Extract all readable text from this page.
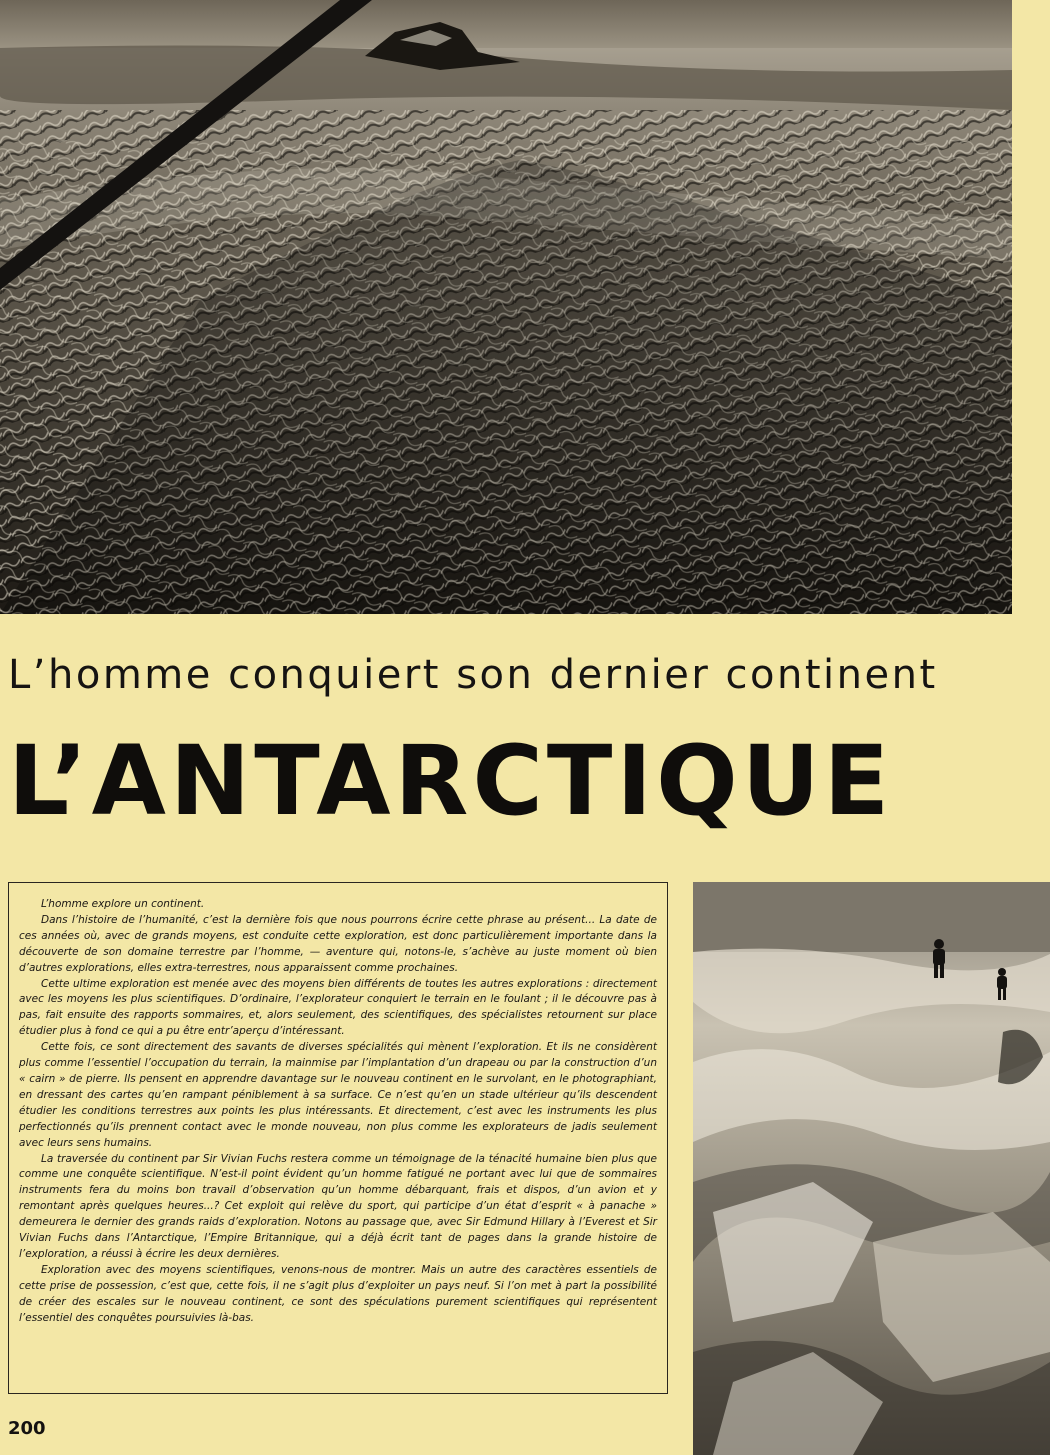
L’homme conquiert son dernier continent
L’ANTARCTIQUE

L’homme explore un continent.

Dans l’histoire de l’humanité, c’est la dernière fois que nous pourrons écrire cette phrase au présent... La date de ces années où, avec de grands moyens, est conduite cette exploration, est donc particulièrement importante dans la découverte de son domaine terrestre par l’homme, — aventure qui, notons-le, s’achève au juste moment où bien d’autres explorations, elles extra-terrestres, nous apparaissent comme prochaines.

Cette ultime exploration est menée avec des moyens bien différents de toutes les autres explorations : directement avec les moyens les plus scientifiques. D’ordinaire, l’explorateur conquiert le terrain en le foulant ; il le découvre pas à pas, fait ensuite des rapports sommaires, et, alors seulement, des scientifiques, des spécialistes retournent sur place étudier plus à fond ce qui a pu être entr’aperçu d’intéressant.

Cette fois, ce sont directement des savants de diverses spécialités qui mènent l’exploration. Et ils ne considèrent plus comme l’essentiel l’occupation du terrain, la mainmise par l’implantation d’un drapeau ou par la construction d’un « cairn » de pierre. Ils pensent en apprendre davantage sur le nouveau continent en le survolant, en le photographiant, en dressant des cartes qu’en rampant péniblement à sa surface. Ce n’est qu’en un stade ultérieur qu’ils descendent étudier les conditions terrestres aux points les plus intéressants. Et directement, c’est avec les instruments les plus perfectionnés qu’ils prennent contact avec le monde nouveau, non plus comme les explorateurs de jadis seulement avec leurs sens humains.

La traversée du continent par Sir Vivian Fuchs restera comme un témoignage de la ténacité humaine bien plus que comme une conquête scientifique. N’est-il point évident qu’un homme fatigué ne portant avec lui que de sommaires instruments fera du moins bon travail d’observation qu’un homme débarquant, frais et dispos, d’un avion et y remontant après quelques heures...? Cet exploit qui relève du sport, qui participe d’un état d’esprit « à panache » demeurera le dernier des grands raids d’exploration. Notons au passage que, avec Sir Edmund Hillary à l’Everest et Sir Vivian Fuchs dans l’Antarctique, l’Empire Britannique, qui a déjà écrit tant de pages dans la grande histoire de l’exploration, a réussi à écrire les deux dernières.

Exploration avec des moyens scientifiques, venons-nous de montrer. Mais un autre des caractères essentiels de cette prise de possession, c’est que, cette fois, il ne s’agit plus d’exploiter un pays neuf. Si l’on met à part la possibilité de créer des escales sur le nouveau continent, ce sont des spéculations purement scientifiques qui représentent l’essentiel des conquêtes poursuivies là-bas.

200
